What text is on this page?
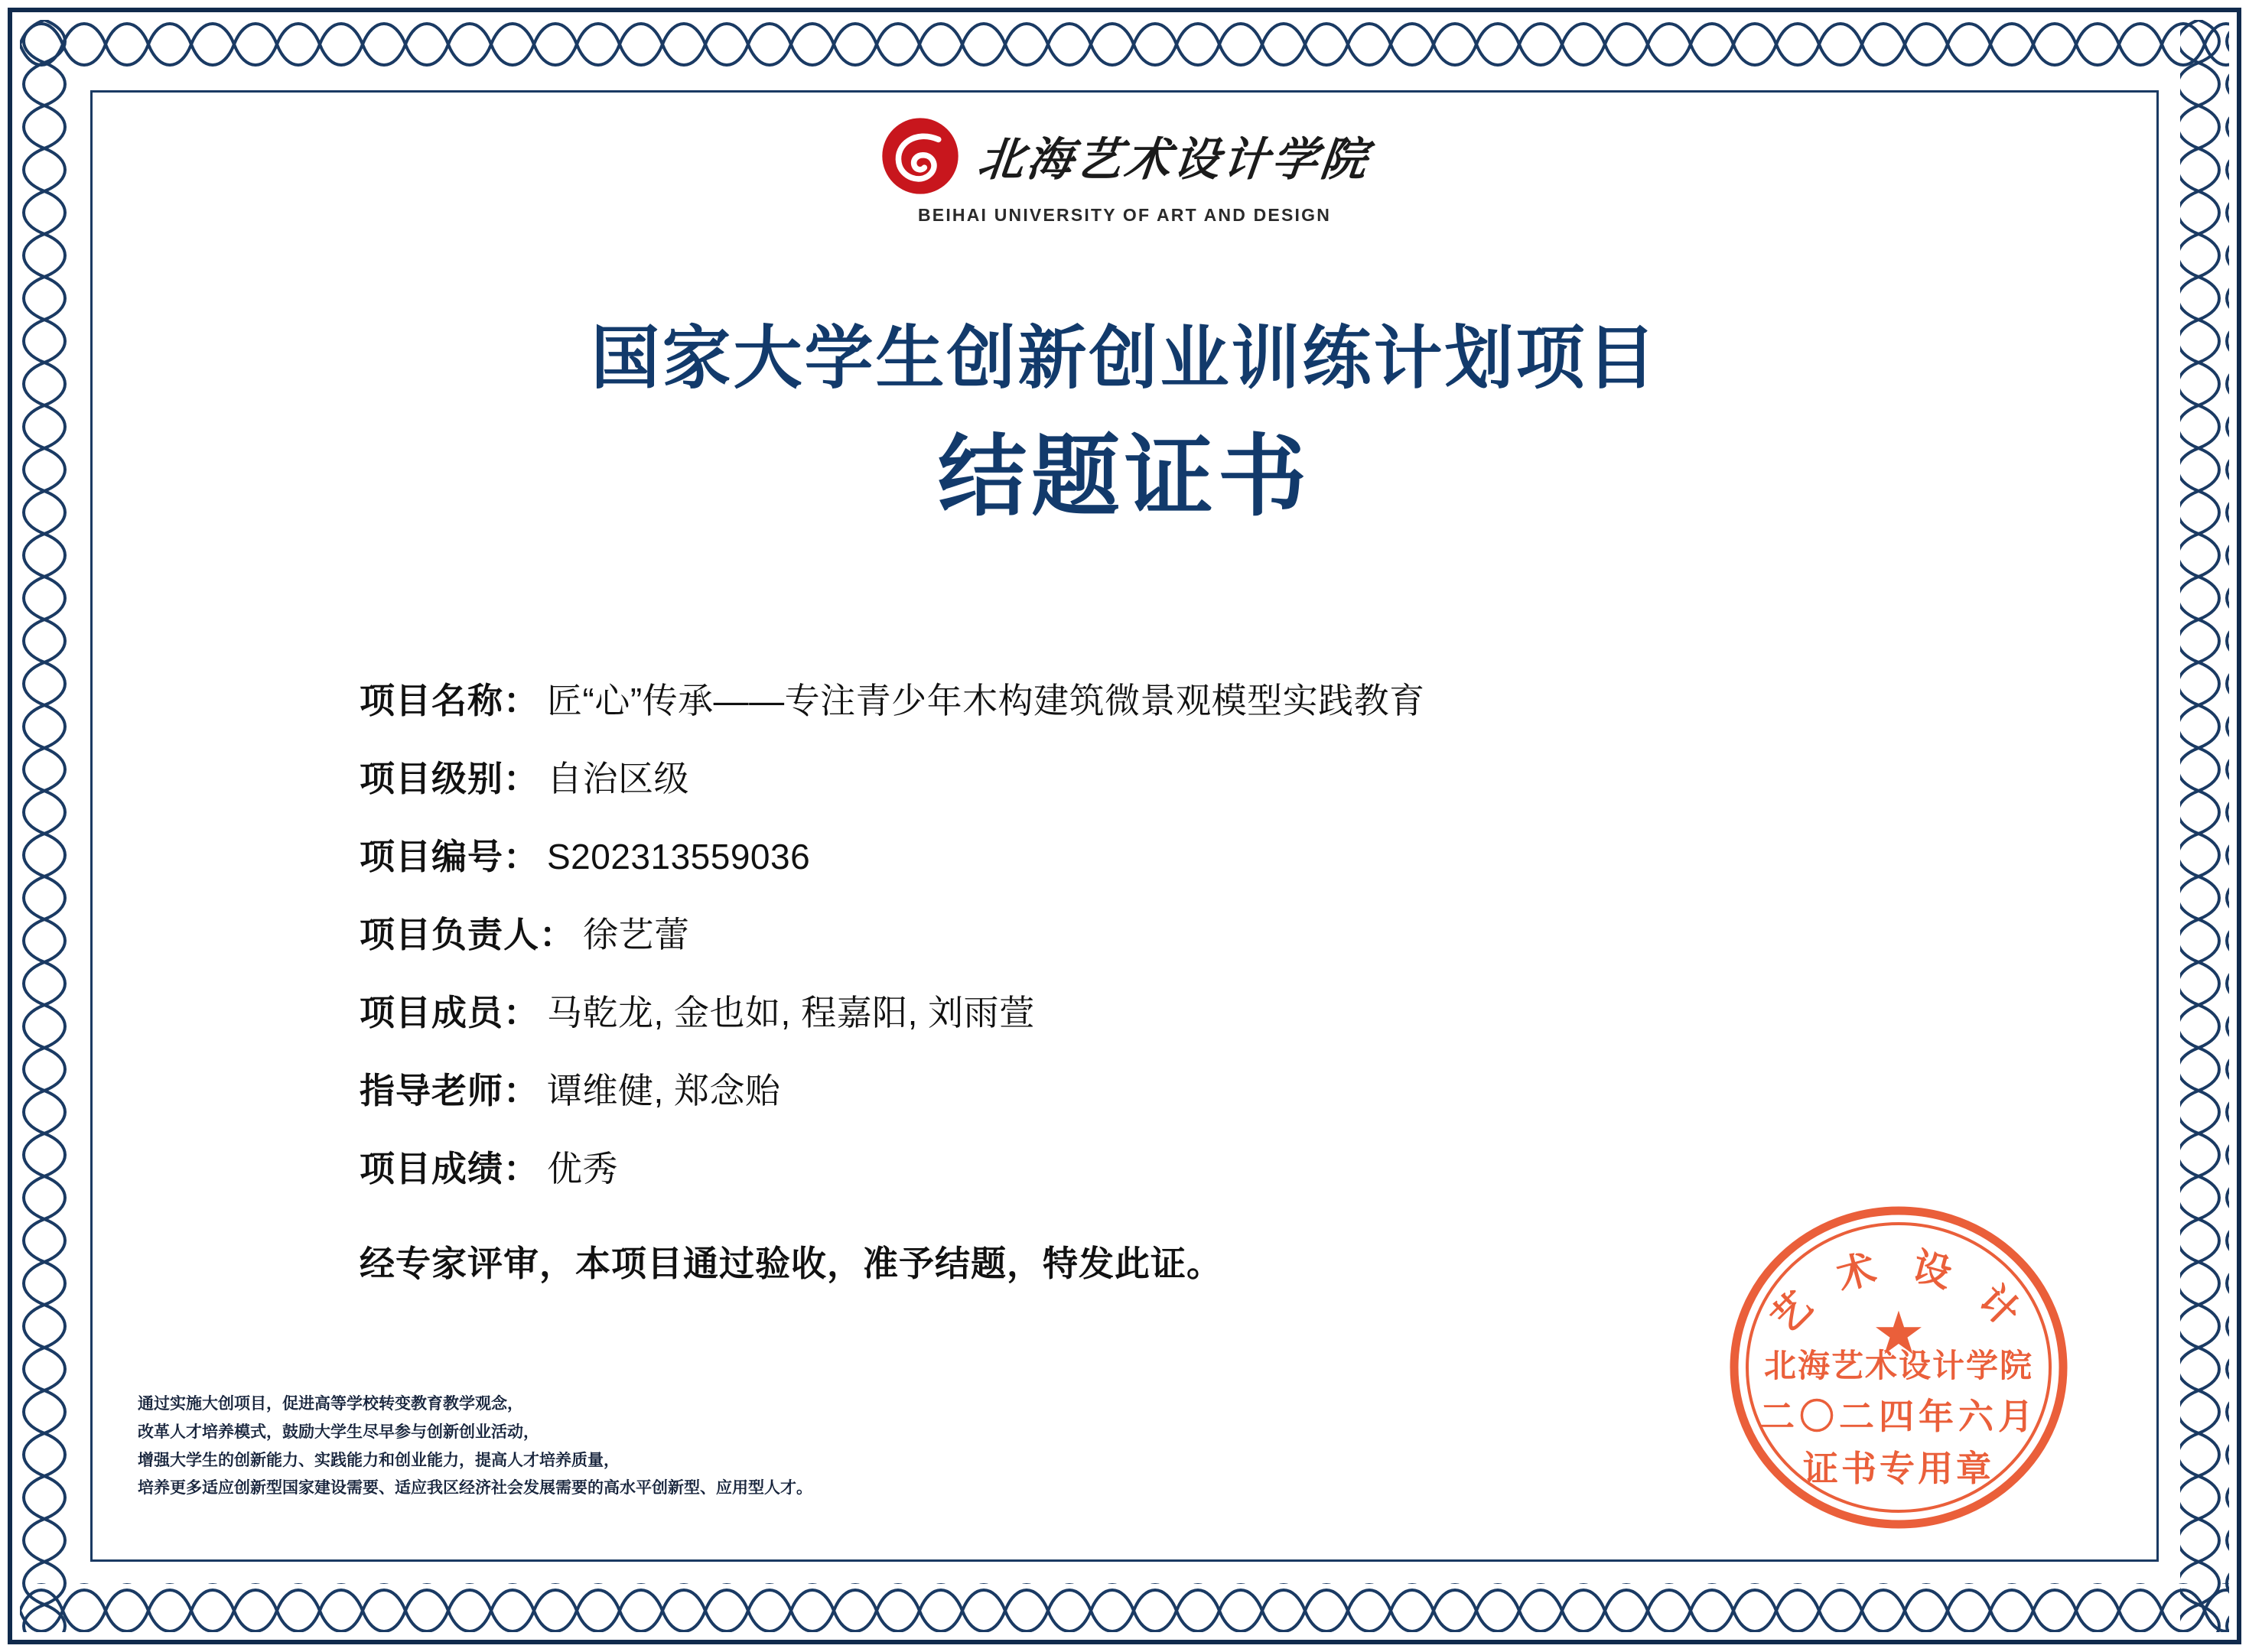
北海艺术设计学院
BEIHAI UNIVERSITY OF ART AND DESIGN
国家大学生创新创业训练计划项目
结题证书
项目名称： 匠“心”传承——专注青少年木构建筑微景观模型实践教育
项目级别： 自治区级
项目编号： S202313559036
项目负责人： 徐艺蕾
项目成员： 马乾龙, 金也如, 程嘉阳, 刘雨萱
指导老师： 谭维健, 郑念贻
项目成绩： 优秀
经专家评审，本项目通过验收，准予结题，特发此证。
通过实施大创项目，促进高等学校转变教育教学观念，
改革人才培养模式，鼓励大学生尽早参与创新创业活动，
增强大学生的创新能力、实践能力和创业能力，提高人才培养质量，
培养更多适应创新型国家建设需要、适应我区经济社会发展需要的高水平创新型、应用型人才。
艺 术 设 计
★
北海艺术设计学院
二〇二四年六月
证书专用章
